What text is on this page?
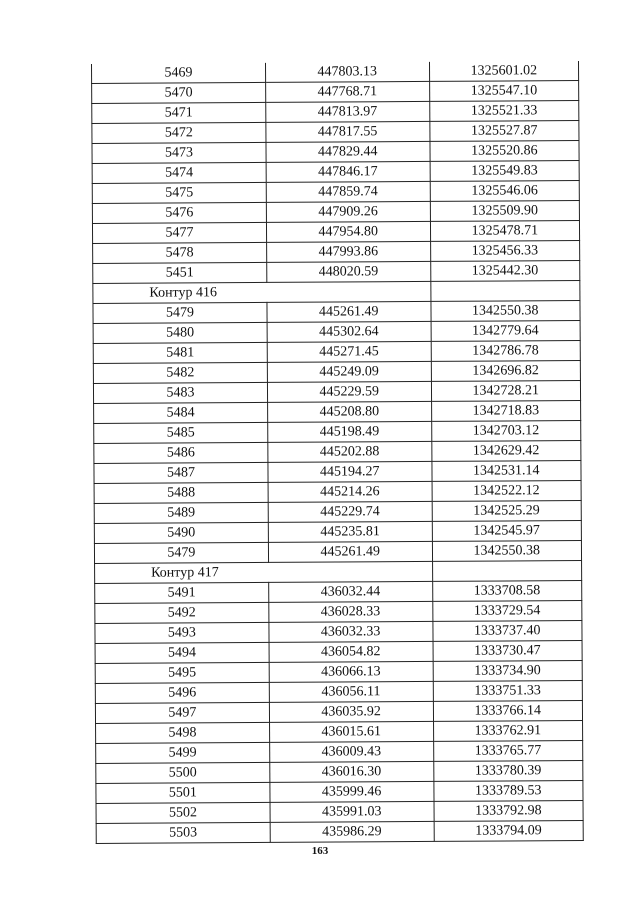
5469	447803.13	1325601.02
5470	447768.71	1325547.10
5471	447813.97	1325521.33
5472	447817.55	1325527.87
5473	447829.44	1325520.86
5474	447846.17	1325549.83
5475	447859.74	1325546.06
5476	447909.26	1325509.90
5477	447954.80	1325478.71
5478	447993.86	1325456.33
5451	448020.59	1325442.30
Контур 416		
5479	445261.49	1342550.38
5480	445302.64	1342779.64
5481	445271.45	1342786.78
5482	445249.09	1342696.82
5483	445229.59	1342728.21
5484	445208.80	1342718.83
5485	445198.49	1342703.12
5486	445202.88	1342629.42
5487	445194.27	1342531.14
5488	445214.26	1342522.12
5489	445229.74	1342525.29
5490	445235.81	1342545.97
5479	445261.49	1342550.38
Контур 417		
5491	436032.44	1333708.58
5492	436028.33	1333729.54
5493	436032.33	1333737.40
5494	436054.82	1333730.47
5495	436066.13	1333734.90
5496	436056.11	1333751.33
5497	436035.92	1333766.14
5498	436015.61	1333762.91
5499	436009.43	1333765.77
5500	436016.30	1333780.39
5501	435999.46	1333789.53
5502	435991.03	1333792.98
5503	435986.29	1333794.09
163
